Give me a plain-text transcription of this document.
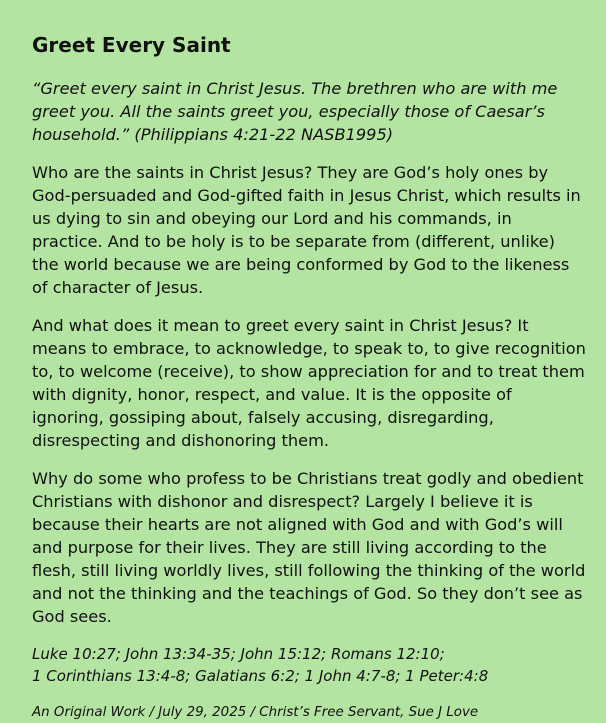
Greet Every Saint

“Greet every saint in Christ Jesus. The brethren who are with me greet you. All the saints greet you, especially those of Caesar’s household.” (Philippians 4:21-22 NASB1995)

Who are the saints in Christ Jesus? They are God’s holy ones by God-persuaded and God-gifted faith in Jesus Christ, which results in us dying to sin and obeying our Lord and his commands, in practice. And to be holy is to be separate from (different, unlike) the world because we are being conformed by God to the likeness of character of Jesus.

And what does it mean to greet every saint in Christ Jesus? It means to embrace, to acknowledge, to speak to, to give recognition to, to welcome (receive), to show appreciation for and to treat them with dignity, honor, respect, and value. It is the opposite of ignoring, gossiping about, falsely accusing, disregarding, disrespecting and dishonoring them.

Why do some who profess to be Christians treat godly and obedient Christians with dishonor and disrespect? Largely I believe it is because their hearts are not aligned with God and with God’s will and purpose for their lives. They are still living according to the flesh, still living worldly lives, still following the thinking of the world and not the thinking and the teachings of God. So they don’t see as God sees.

Luke 10:27; John 13:34-35; John 15:12; Romans 12:10;
1 Corinthians 13:4-8; Galatians 6:2; 1 John 4:7-8; 1 Peter:4:8

An Original Work / July 29, 2025 / Christ’s Free Servant, Sue J Love
